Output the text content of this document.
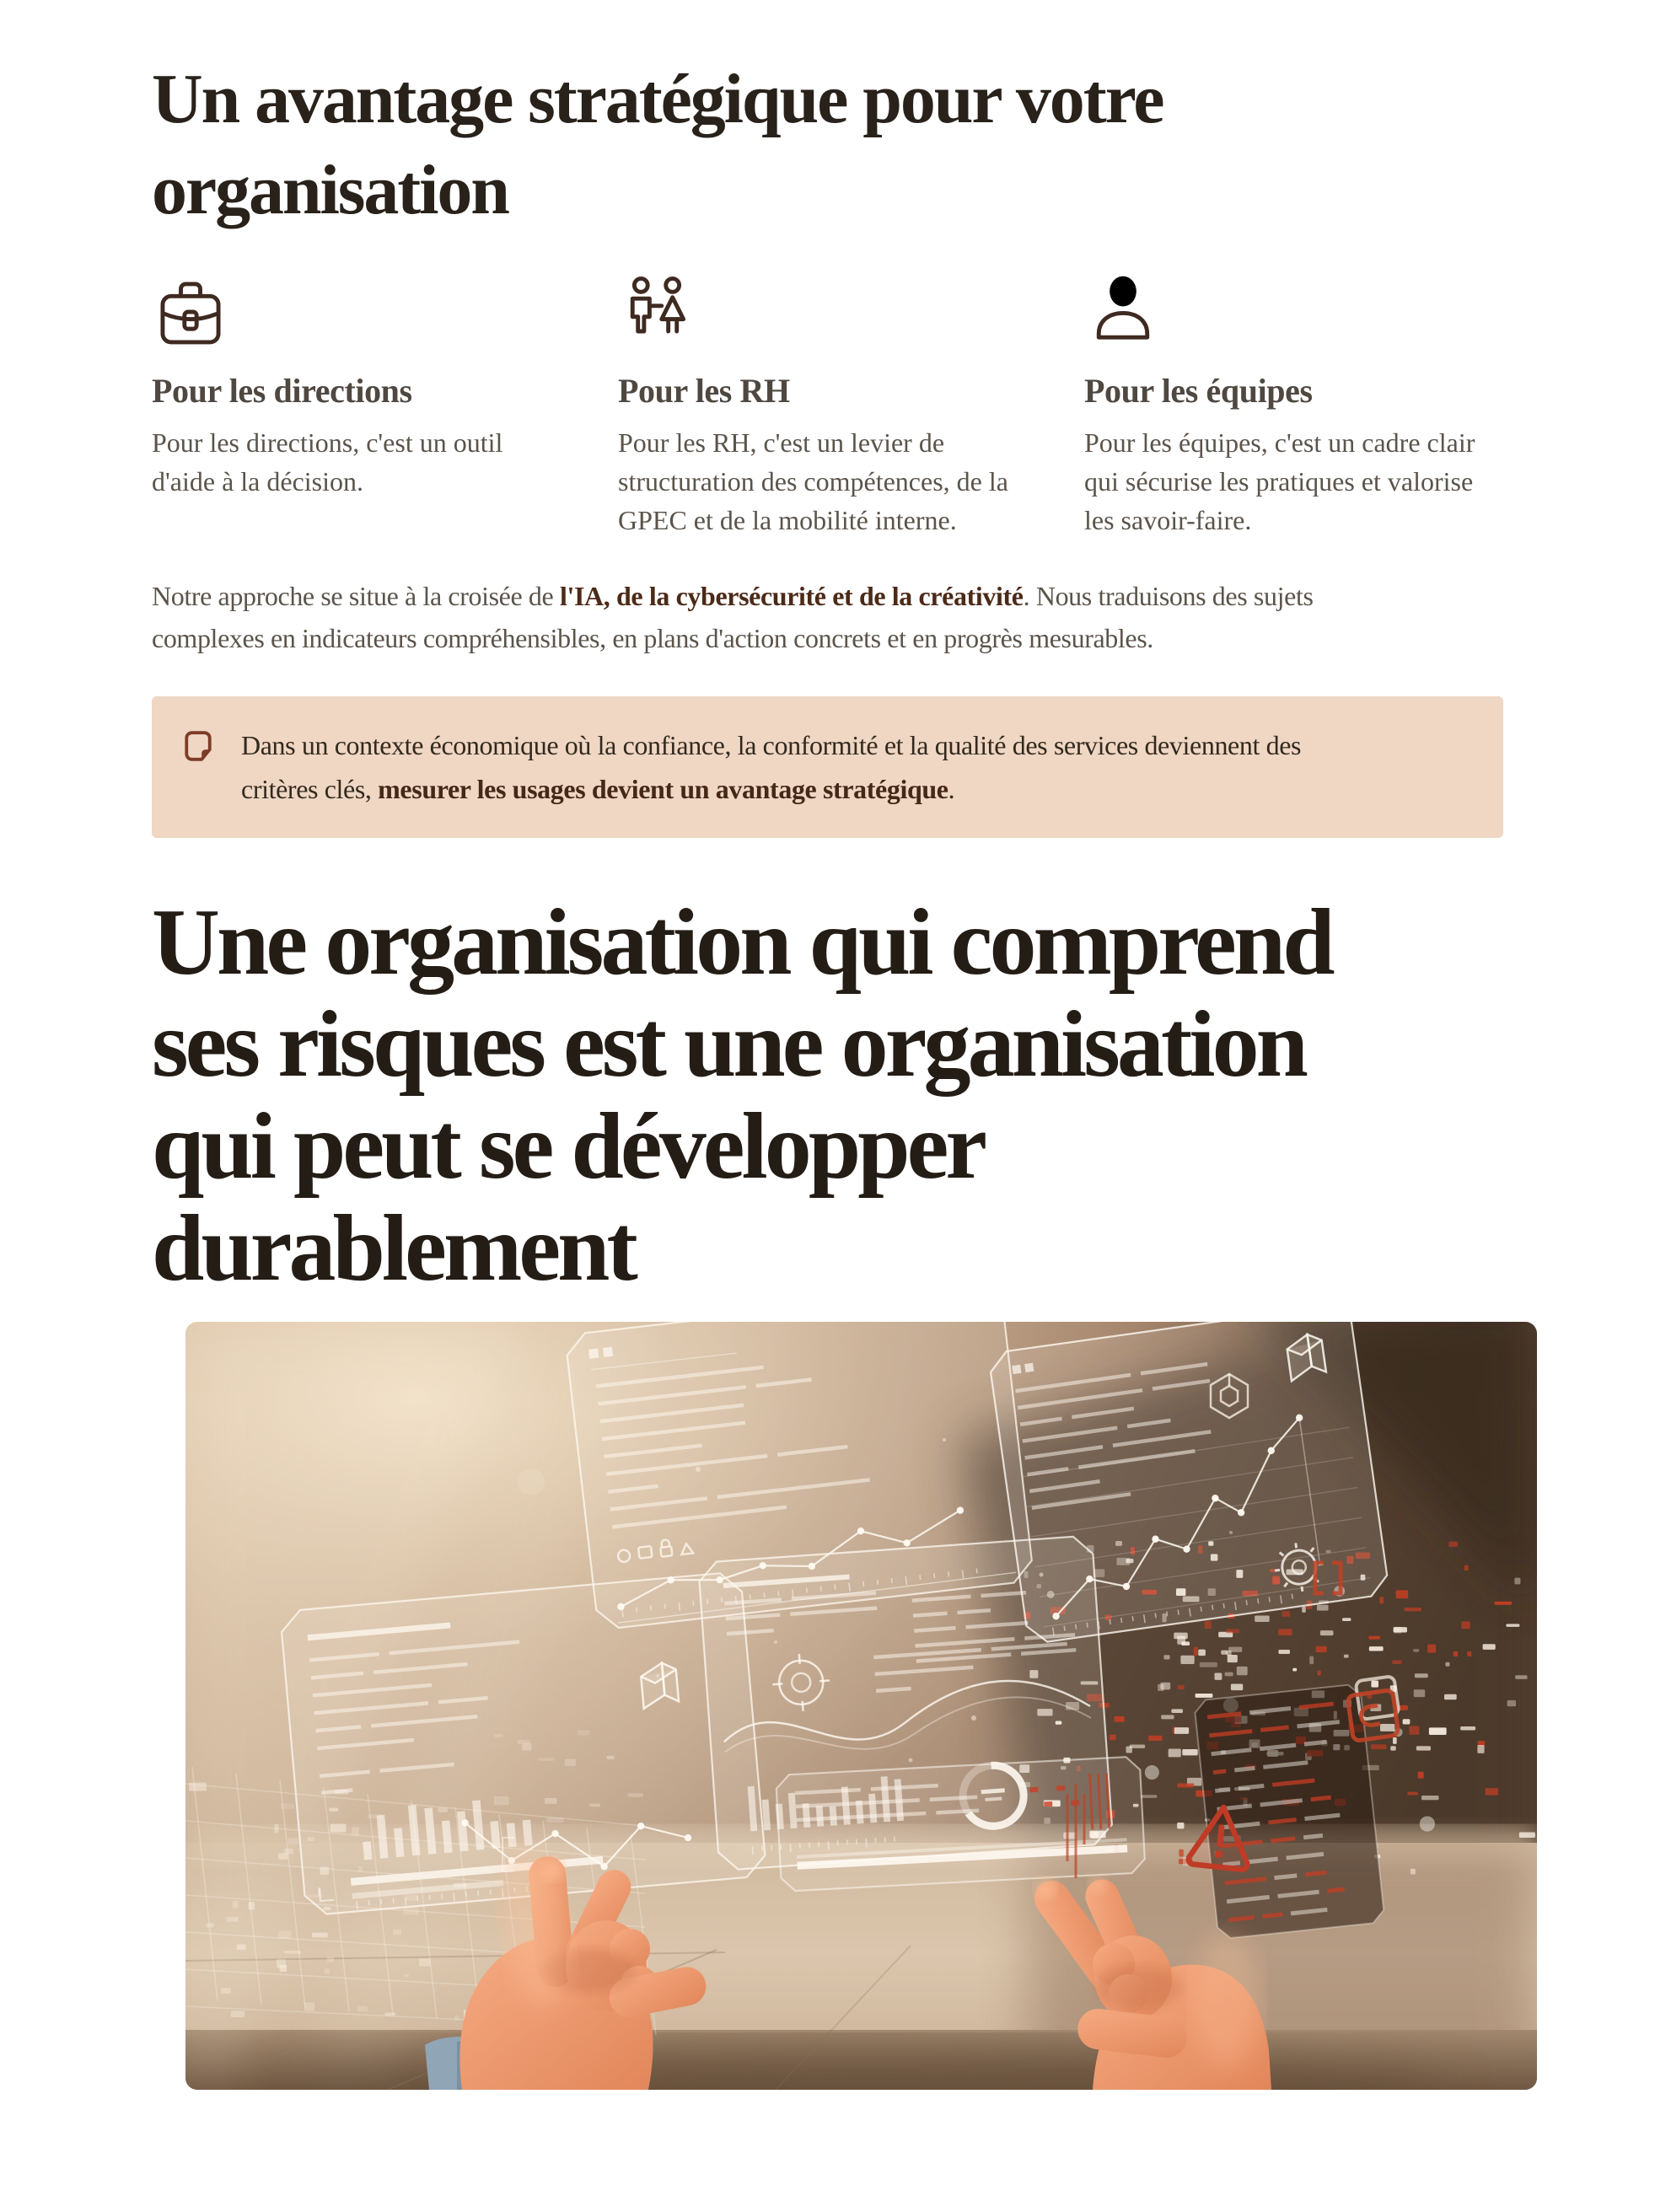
Un avantage stratégique pour votre
organisation
Pour les directions

Pour les directions, c'est un outil d'aide à la décision.

Pour les RH

Pour les RH, c'est un levier de structuration des compétences, de la GPEC et de la mobilité interne.

Pour les équipes

Pour les équipes, c'est un cadre clair qui sécurise les pratiques et valorise les savoir-faire.

Notre approche se situe à la croisée de l'IA, de la cybersécurité et de la créativité. Nous traduisons des sujets
complexes en indicateurs compréhensibles, en plans d'action concrets et en progrès mesurables.

Dans un contexte économique où la confiance, la conformité et la qualité des services deviennent des
critères clés, mesurer les usages devient un avantage stratégique.
Une organisation qui comprend
ses risques est une organisation
qui peut se développer
durablement
